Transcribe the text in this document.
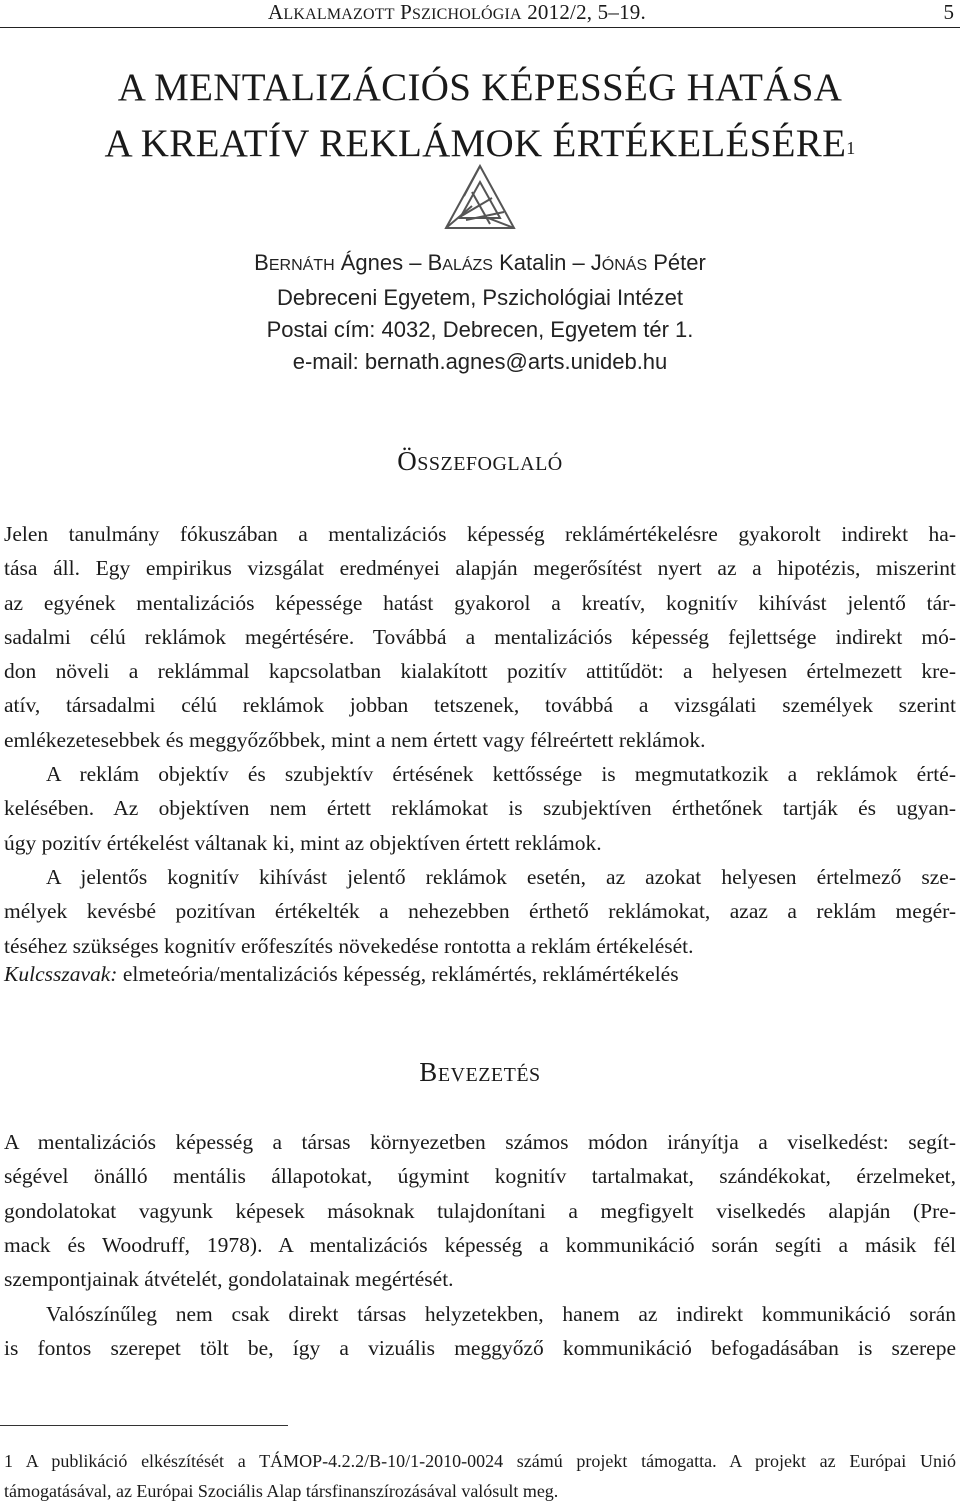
ALKALMAZOTT PSZICHOLÓGIA 2012/2, 5–19.	5
A MENTALIZÁCIÓS KÉPESSÉG HATÁSA
A KREATÍV REKLÁMOK ÉRTÉKELÉSÉRE$^1$
BERNÁTH Ágnes – BALÁZS Katalin – JÓNÁS Péter
Debreceni Egyetem, Pszichológiai Intézet
Postai cím: 4032, Debrecen, Egyetem tér 1.
e-mail: bernath.agnes@arts.unideb.hu
ÖSSZEFOGLALÓ
Jelen tanulmány fókuszában a mentalizációs képesség reklámértékelésre gyakorolt indirekt ha-
tása áll. Egy empirikus vizsgálat eredményei alapján megerősítést nyert az a hipotézis, miszerint
az egyének mentalizációs képessége hatást gyakorol a kreatív, kognitív kihívást jelentő tár-
sadalmi célú reklámok megértésére. Továbbá a mentalizációs képesség fejlettsége indirekt mó-
don növeli a reklámmal kapcsolatban kialakított pozitív attitűdöt: a helyesen értelmezett kre-
atív, társadalmi célú reklámok jobban tetszenek, továbbá a vizsgálati személyek szerint
emlékezetesebbek és meggyőzőbbek, mint a nem értett vagy félreértett reklámok.
A reklám objektív és szubjektív értésének kettőssége is megmutatkozik a reklámok érté-
kelésében. Az objektíven nem értett reklámokat is szubjektíven érthetőnek tartják és ugyan-
úgy pozitív értékelést váltanak ki, mint az objektíven értett reklámok.
A jelentős kognitív kihívást jelentő reklámok esetén, az azokat helyesen értelmező sze-
mélyek kevésbé pozitívan értékelték a nehezebben érthető reklámokat, azaz a reklám megér-
téséhez szükséges kognitív erőfeszítés növekedése rontotta a reklám értékelését.
Kulcsszavak: elmeteória/mentalizációs képesség, reklámértés, reklámértékelés
BEVEZETÉS
A mentalizációs képesség a társas környezetben számos módon irányítja a viselkedést: segít-
ségével önálló mentális állapotokat, úgymint kognitív tartalmakat, szándékokat, érzelmeket,
gondolatokat vagyunk képesek másoknak tulajdonítani a megfigyelt viselkedés alapján (Pre-
mack és Woodruff, 1978). A mentalizációs képesség a kommunikáció során segíti a másik fél
szempontjainak átvételét, gondolatainak megértését.
Valószínűleg nem csak direkt társas helyzetekben, hanem az indirekt kommunikáció során
is fontos szerepet tölt be, így a vizuális meggyőző kommunikáció befogadásában is szerepe
1 A publikáció elkészítését a TÁMOP-4.2.2/B-10/1-2010-0024 számú projekt támogatta. A projekt az Európai Unió
támogatásával, az Európai Szociális Alap társfinanszírozásával valósult meg.
